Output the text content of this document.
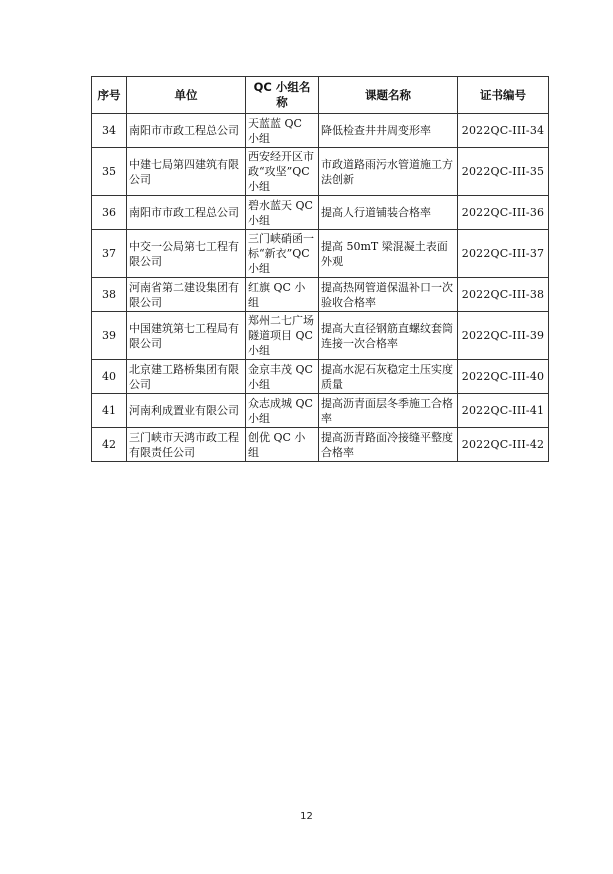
序号	单位	QC 小组名称	课题名称	证书编号
34	南阳市市政工程总公司	天蓝蓝 QC 小组	降低检查井井周变形率	2022QC-III-34
35	中建七局第四建筑有限公司	西安经开区市政“攻坚”QC 小组	市政道路雨污水管道施工方法创新	2022QC-III-35
36	南阳市市政工程总公司	碧水蓝天 QC 小组	提高人行道铺装合格率	2022QC-III-36
37	中交一公局第七工程有限公司	三门峡硝函一标“新衣”QC 小组	提高 50mT 梁混凝土表面外观	2022QC-III-37
38	河南省第二建设集团有限公司	红旗 QC 小组	提高热网管道保温补口一次验收合格率	2022QC-III-38
39	中国建筑第七工程局有限公司	郑州二七广场隧道项目 QC 小组	提高大直径钢筋直螺纹套筒连接一次合格率	2022QC-III-39
40	北京建工路桥集团有限公司	金京丰茂 QC 小组	提高水泥石灰稳定土压实度质量	2022QC-III-40
41	河南利成置业有限公司	众志成城 QC 小组	提高沥青面层冬季施工合格率	2022QC-III-41
42	三门峡市天鸿市政工程有限责任公司	创优 QC 小组	提高沥青路面冷接缝平整度合格率	2022QC-III-42
12
